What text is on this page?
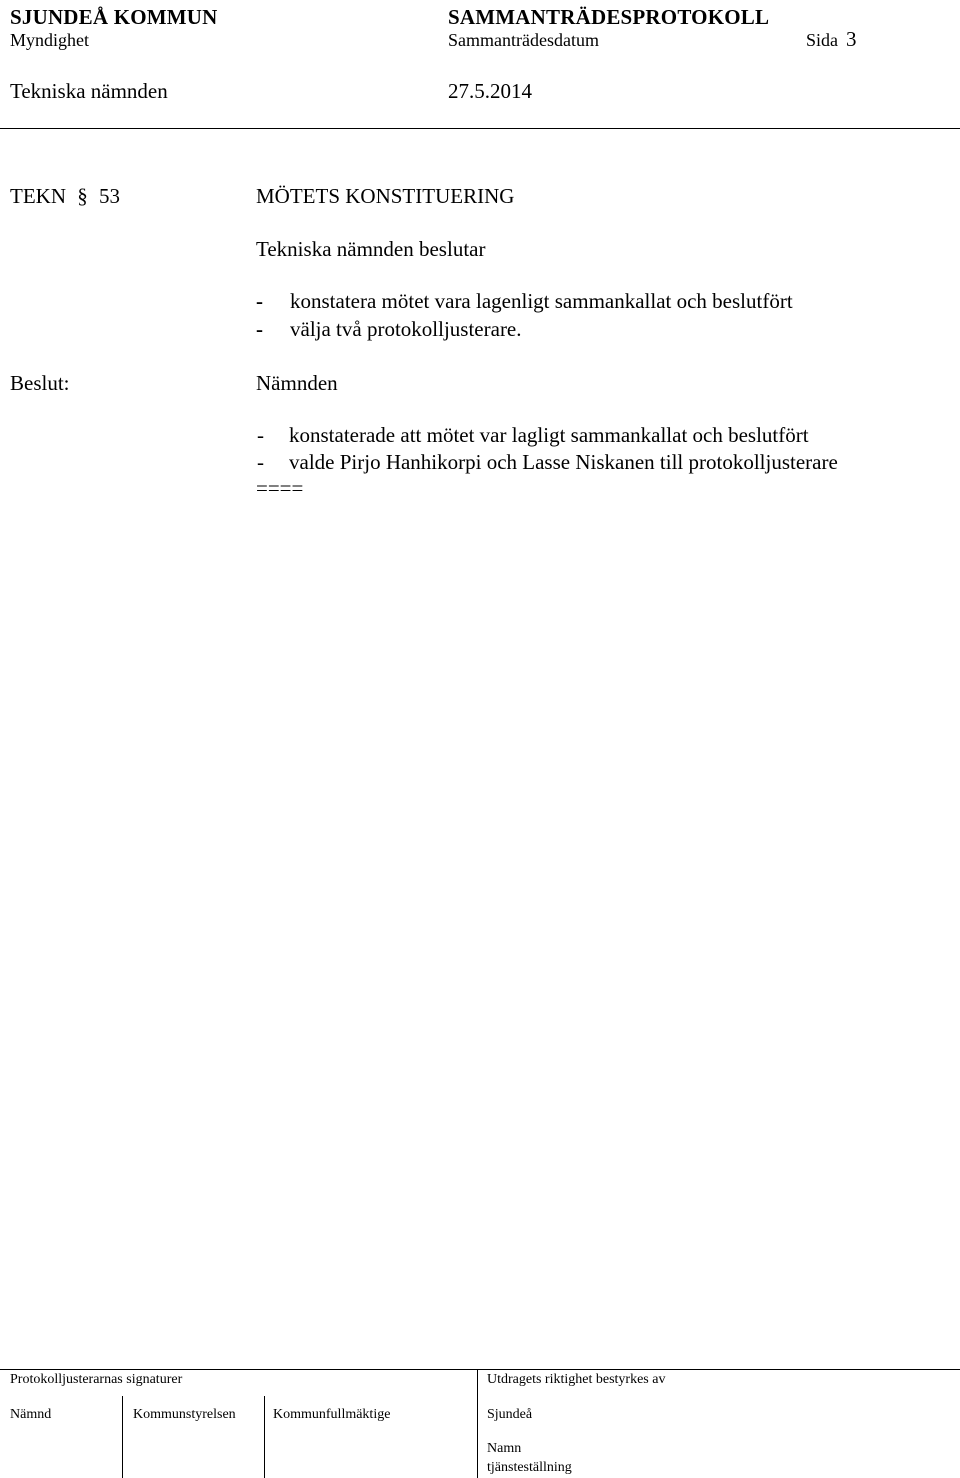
SJUNDEÅ KOMMUN	SAMMANTRÄDESPROTOKOLL
Myndighet	Sammanträdesdatum	Sida 3
Tekniska nämnden	27.5.2014
TEKN § 53	MÖTETS KONSTITUERING
Tekniska nämnden beslutar
- konstatera mötet vara lagenligt sammankallat och beslutfört
- välja två protokolljusterare.
Beslut:	Nämnden
- konstaterade att mötet var lagligt sammankallat och beslutfört
- valde Pirjo Hanhikorpi och Lasse Niskanen till protokolljusterare
====
Protokolljusterarnas signaturer	Utdragets riktighet bestyrkes av
Nämnd	Kommunstyrelsen	Kommunfullmäktige	Sjundeå
Namn
tjänsteställning
